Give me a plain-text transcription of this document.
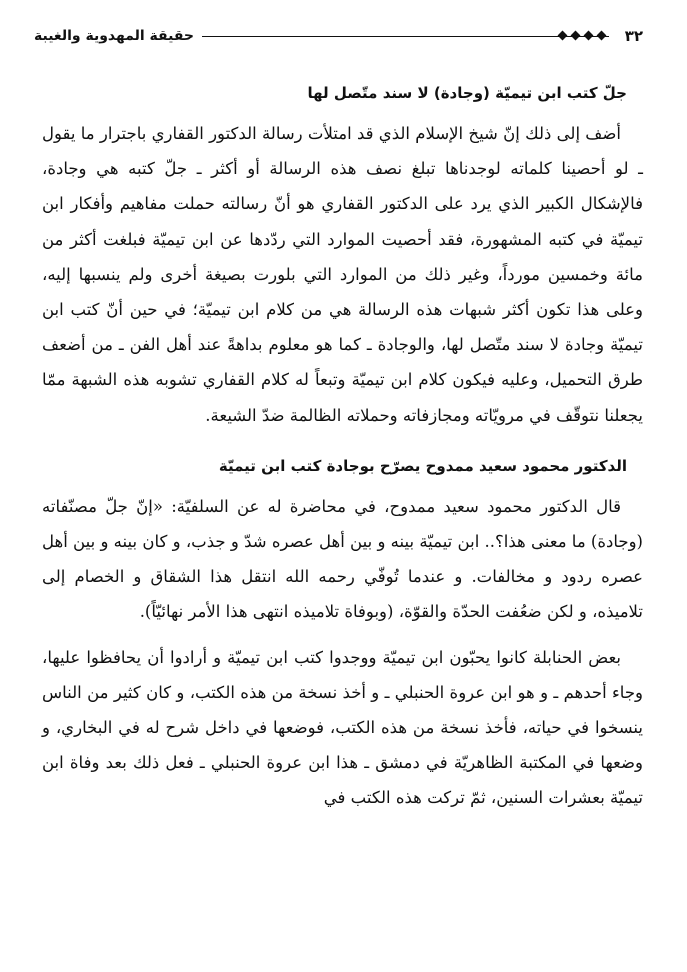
٣٢
حقيقة المهدوية والغيبة
جلّ كتب ابن تيميّة (وجادة) لا سند متّصل لها

أضف إلى ذلك إنّ شيخ الإسلام الذي قد امتلأت رسالة الدكتور القفاري باجترار ما يقول ـ لو أحصينا كلماته لوجدناها تبلغ نصف هذه الرسالة أو أكثر ـ جلّ كتبه هي وجادة، فالإشكال الكبير الذي يرد على الدكتور القفاري هو أنّ رسالته حملت مفاهيم وأفكار ابن تيميّة في كتبه المشهورة، فقد أحصيت الموارد التي ردّدها عن ابن تيميّة فبلغت أكثر من مائة وخمسين مورداً، وغير ذلك من الموارد التي بلورت بصيغة أخرى ولم ينسبها إليه، وعلى هذا تكون أكثر شبهات هذه الرسالة هي من كلام ابن تيميّة؛ في حين أنّ كتب ابن تيميّة وجادة لا سند متّصل لها، والوجادة ـ كما هو معلوم بداهةً عند أهل الفن ـ من أضعف طرق التحميل، وعليه فيكون كلام ابن تيميّة وتبعاً له كلام القفاري تشوبه هذه الشبهة ممّا يجعلنا نتوقّف في مرويّاته ومجازفاته وحملاته الظالمة ضدّ الشيعة.

الدكتور محمود سعيد ممدوح يصرّح بوجادة كتب ابن تيميّة

قال الدكتور محمود سعيد ممدوح، في محاضرة له عن السلفيّة: «إنّ جلّ مصنّفاته (وجادة) ما معنى هذا؟.. ابن تيميّة بينه و بين أهل عصره شدّ و جذب، و كان بينه و بين أهل عصره ردود و مخالفات. و عندما تُوفّي رحمه الله انتقل هذا الشقاق و الخصام إلى تلاميذه، و لكن ضعُفت الحدّة والقوّة، (وبوفاة تلاميذه انتهى هذا الأمر نهائيّاً).

بعض الحنابلة كانوا يحبّون ابن تيميّة ووجدوا كتب ابن تيميّة و أرادوا أن يحافظوا عليها، وجاء أحدهم ـ و هو ابن عروة الحنبلي ـ و أخذ نسخة من هذه الكتب، و كان كثير من الناس ينسخوا في حياته، فأخذ نسخة من هذه الكتب، فوضعها في داخل شرح له في البخاري، و وضعها في المكتبة الظاهريّة في دمشق ـ هذا ابن عروة الحنبلي ـ فعل ذلك بعد وفاة ابن تيميّة بعشرات السنين، ثمّ تركت هذه الكتب في
